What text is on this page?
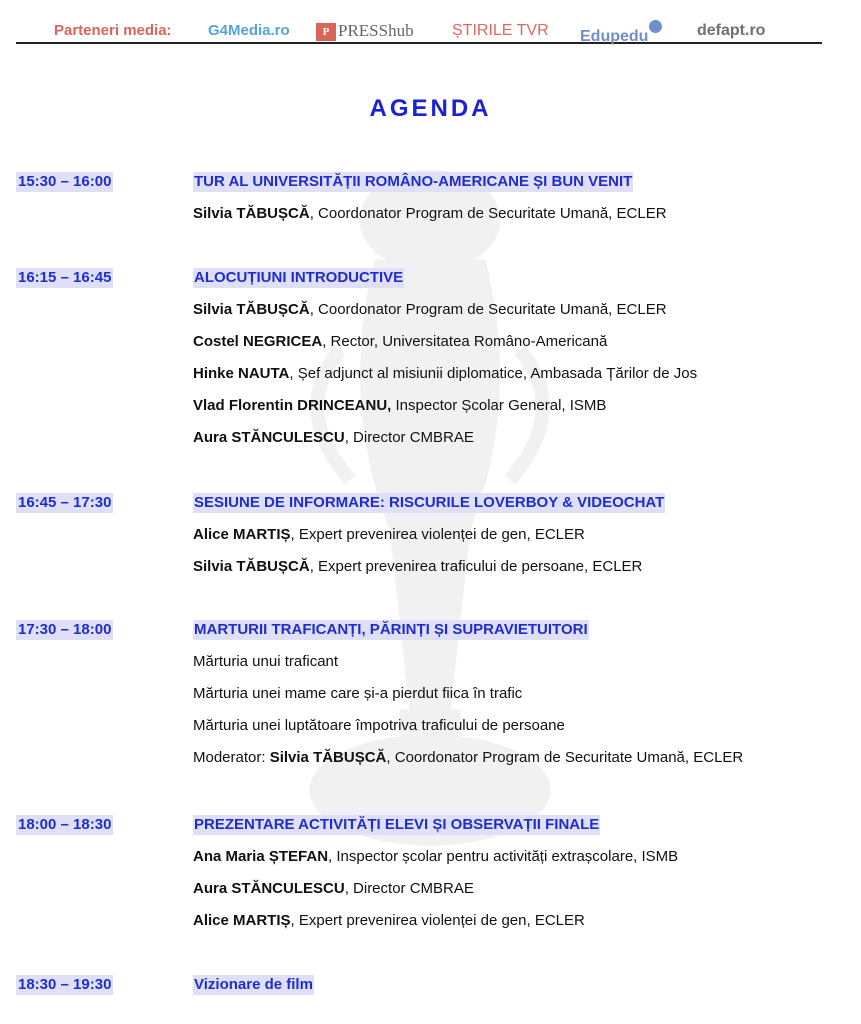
Parteneri media: G4Media.ro	P PRESShub ȘTIRILE TVR Edupedu	defapt.ro
AGENDA
15:30 – 16:00	TUR AL UNIVERSITĂȚII ROMÂNO-AMERICANE ȘI BUN VENIT
Silvia TĂBUȘCĂ, Coordonator Program de Securitate Umană, ECLER
16:15 – 16:45	ALOCUȚIUNI INTRODUCTIVE
Silvia TĂBUȘCĂ, Coordonator Program de Securitate Umană, ECLER
Costel NEGRICEA, Rector, Universitatea Româno-Americană
Hinke NAUTA, Șef adjunct al misiunii diplomatice, Ambasada Țărilor de Jos
Vlad Florentin DRINCEANU, Inspector Școlar General, ISMB
Aura STĂNCULESCU, Director CMBRAE
16:45 – 17:30	SESIUNE DE INFORMARE: RISCURILE LOVERBOY & VIDEOCHAT
Alice MARTIȘ, Expert prevenirea violenței de gen, ECLER
Silvia TĂBUȘCĂ, Expert prevenirea traficului de persoane, ECLER
17:30 – 18:00	MARTURII TRAFICANȚI, PĂRINȚI ȘI SUPRAVIETUITORI
Mărturia unui traficant
Mărturia unei mame care și-a pierdut fiica în trafic
Mărturia unei luptătoare împotriva traficului de persoane
Moderator: Silvia TĂBUȘCĂ, Coordonator Program de Securitate Umană, ECLER
18:00 – 18:30	PREZENTARE ACTIVITĂȚI ELEVI ȘI OBSERVAȚII FINALE
Ana Maria ȘTEFAN, Inspector școlar pentru activități extrașcolare, ISMB
Aura STĂNCULESCU, Director CMBRAE
Alice MARTIȘ, Expert prevenirea violenței de gen, ECLER
18:30 – 19:30	Vizionare de film
